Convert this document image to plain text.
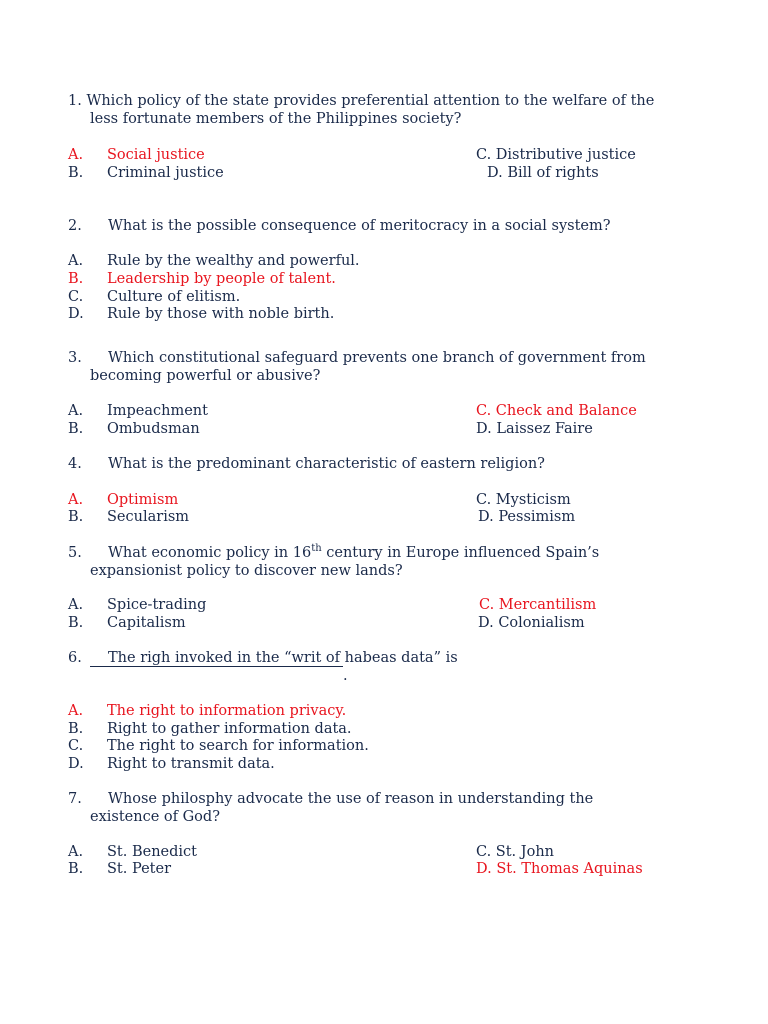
1. Which policy of the state provides preferential attention to the welfare of the
less fortunate members of the Philippines society?
A. Social justice	C. Distributive justice
B. Criminal justice	D. Bill of rights
2. What is the possible consequence of meritocracy in a social system?
A. Rule by the wealthy and powerful.
B. Leadership by people of talent.
C. Culture of elitism.
D. Rule by those with noble birth.
3. Which constitutional safeguard prevents one branch of government from
becoming powerful or abusive?
A. Impeachment	C. Check and Balance
B. Ombudsman	D. Laissez Faire
4. What is the predominant characteristic of eastern religion?
A. Optimism	C. Mysticism
B. Secularism	D. Pessimism
5. What economic policy in 16th century in Europe influenced Spain’s
expansionist policy to discover new lands?
A. Spice-trading	C. Mercantilism
B. Capitalism	D. Colonialism
6. The righ invoked in the “writ of habeas data” is
.
A. The right to information privacy.
B. Right to gather information data.
C. The right to search for information.
D. Right to transmit data.
7. Whose philosphy advocate the use of reason in understanding the
existence of God?
A. St. Benedict	C. St. John
B. St. Peter	D. St. Thomas Aquinas
